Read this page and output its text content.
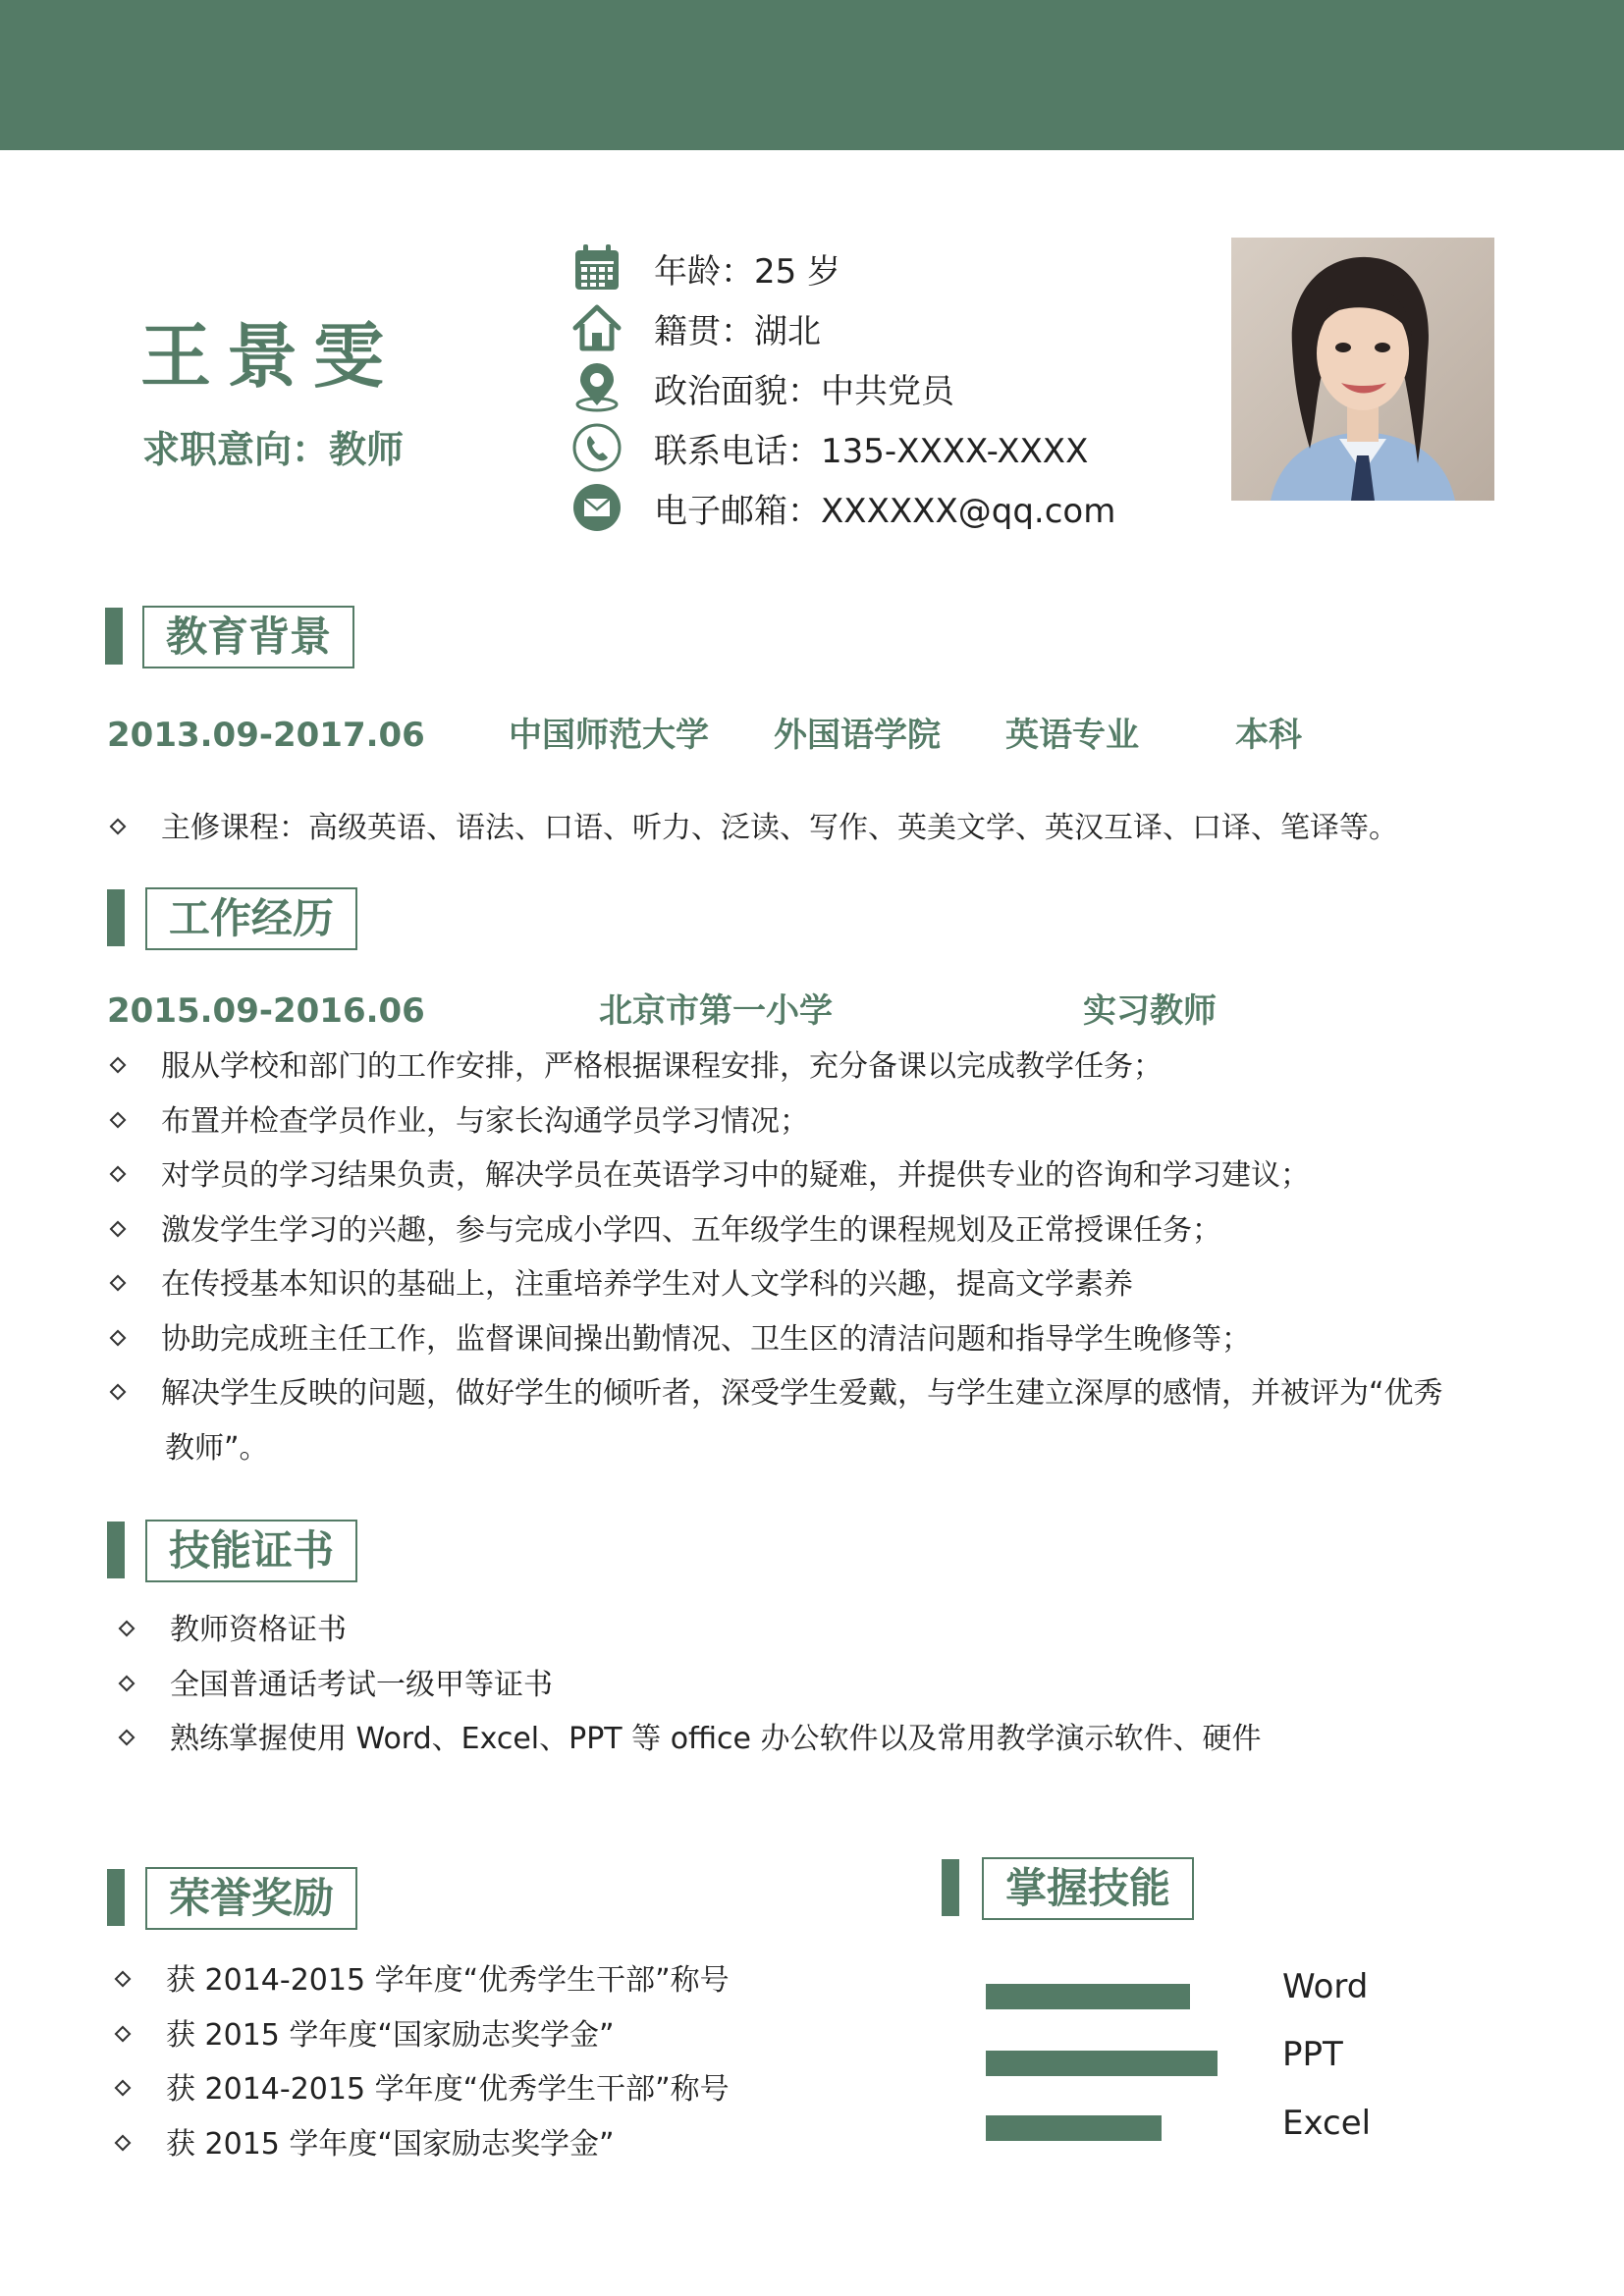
王景雯
求职意向：教师
年龄：25 岁
籍贯：湖北
政治面貌：中共党员
联系电话：135-XXXX-XXXX
电子邮箱：XXXXXX@qq.com
教育背景
2013.09-2017.06	中国师范大学 外国语学院 英语专业	本科
主修课程：高级英语、语法、口语、听力、泛读、写作、英美文学、英汉互译、口译、笔译等。
工作经历
2015.09-2016.06	北京市第一小学	实习教师
服从学校和部门的工作安排，严格根据课程安排，充分备课以完成教学任务；
布置并检查学员作业，与家长沟通学员学习情况；
对学员的学习结果负责，解决学员在英语学习中的疑难，并提供专业的咨询和学习建议；
激发学生学习的兴趣，参与完成小学四、五年级学生的课程规划及正常授课任务；
在传授基本知识的基础上，注重培养学生对人文学科的兴趣，提高文学素养
协助完成班主任工作，监督课间操出勤情况、卫生区的清洁问题和指导学生晚修等；
解决学生反映的问题，做好学生的倾听者，深受学生爱戴，与学生建立深厚的感情，并被评为“优秀
教师”。
技能证书
教师资格证书
全国普通话考试一级甲等证书
熟练掌握使用 Word、Excel、PPT 等 office 办公软件以及常用教学演示软件、硬件
荣誉奖励
获 2014-2015 学年度“优秀学生干部”称号
获 2015 学年度“国家励志奖学金”
获 2014-2015 学年度“优秀学生干部”称号
获 2015 学年度“国家励志奖学金”
掌握技能
Word
PPT
Excel
